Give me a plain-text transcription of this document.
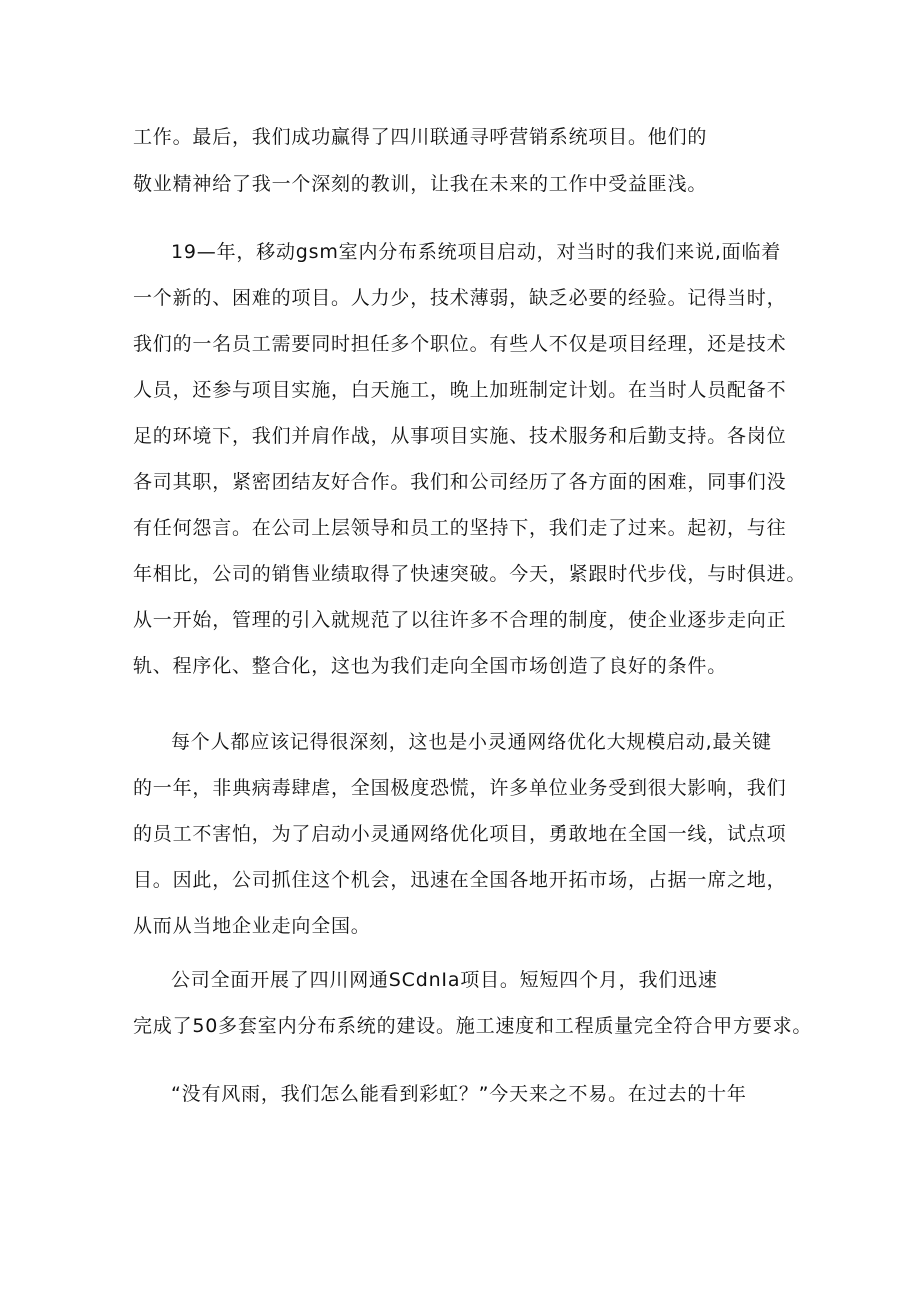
工作。最后，我们成功赢得了四川联通寻呼营销系统项目。他们的

敬业精神给了我一个深刻的教训，让我在未来的工作中受益匪浅。

19—年，移动gsm室内分布系统项目启动，对当时的我们来说,面临着

一个新的、困难的项目。人力少，技术薄弱，缺乏必要的经验。记得当时，

我们的一名员工需要同时担任多个职位。有些人不仅是项目经理，还是技术

人员，还参与项目实施，白天施工，晚上加班制定计划。在当时人员配备不

足的环境下，我们并肩作战，从事项目实施、技术服务和后勤支持。各岗位

各司其职，紧密团结友好合作。我们和公司经历了各方面的困难，同事们没

有任何怨言。在公司上层领导和员工的坚持下，我们走了过来。起初，与往

年相比，公司的销售业绩取得了快速突破。今天，紧跟时代步伐，与时俱进。

从一开始，管理的引入就规范了以往许多不合理的制度，使企业逐步走向正

轨、程序化、整合化，这也为我们走向全国市场创造了良好的条件。

每个人都应该记得很深刻，这也是小灵通网络优化大规模启动,最关键

的一年，非典病毒肆虐，全国极度恐慌，许多单位业务受到很大影响，我们

的员工不害怕，为了启动小灵通网络优化项目，勇敢地在全国一线，试点项

目。因此，公司抓住这个机会，迅速在全国各地开拓市场，占据一席之地，

从而从当地企业走向全国。

公司全面开展了四川网通SCdnIa项目。短短四个月，我们迅速

完成了50多套室内分布系统的建设。施工速度和工程质量完全符合甲方要求。

“没有风雨，我们怎么能看到彩虹？”今天来之不易。在过去的十年
